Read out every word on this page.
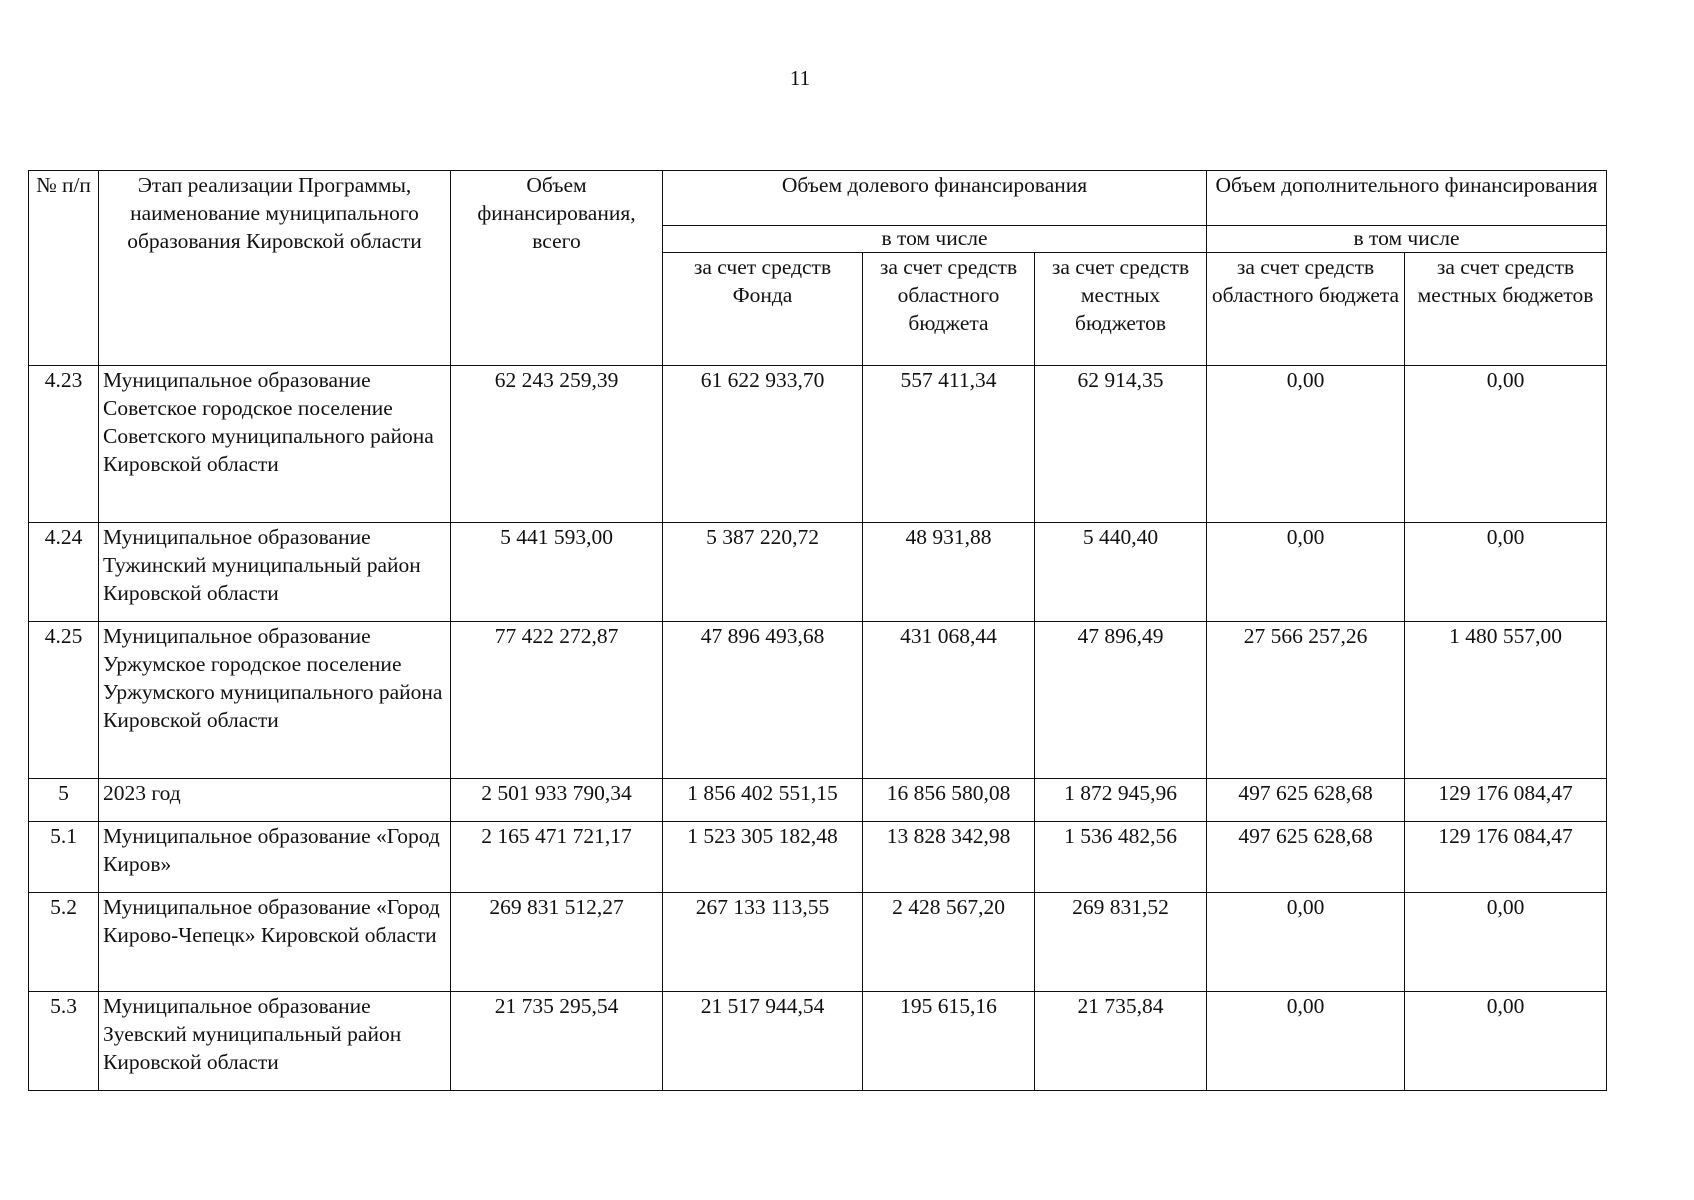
11
№ п/п	Этап реализации Программы, наименование муниципального образования Кировской области	Объем финансирования, всего	Объем долевого финансирования			Объем дополнительного финансирования	
			в том числе			в том числе	
			за счет средств Фонда	за счет средств областного бюджета	за счет средств местных бюджетов	за счет средств областного бюджета	за счет средств местных бюджетов
4.23	Муниципальное образование Советское городское поселение Советского муниципального района Кировской области	62 243 259,39	61 622 933,70	557 411,34	62 914,35	0,00	0,00
4.24	Муниципальное образование Тужинский муниципальный район Кировской области	5 441 593,00	5 387 220,72	48 931,88	5 440,40	0,00	0,00
4.25	Муниципальное образование Уржумское городское поселение Уржумского муниципального района Кировской области	77 422 272,87	47 896 493,68	431 068,44	47 896,49	27 566 257,26	1 480 557,00
5	2023 год	2 501 933 790,34	1 856 402 551,15	16 856 580,08	1 872 945,96	497 625 628,68	129 176 084,47
5.1	Муниципальное образование «Город Киров»	2 165 471 721,17	1 523 305 182,48	13 828 342,98	1 536 482,56	497 625 628,68	129 176 084,47
5.2	Муниципальное образование «Город Кирово-Чепецк» Кировской области	269 831 512,27	267 133 113,55	2 428 567,20	269 831,52	0,00	0,00
5.3	Муниципальное образование Зуевский муниципальный район Кировской области	21 735 295,54	21 517 944,54	195 615,16	21 735,84	0,00	0,00
